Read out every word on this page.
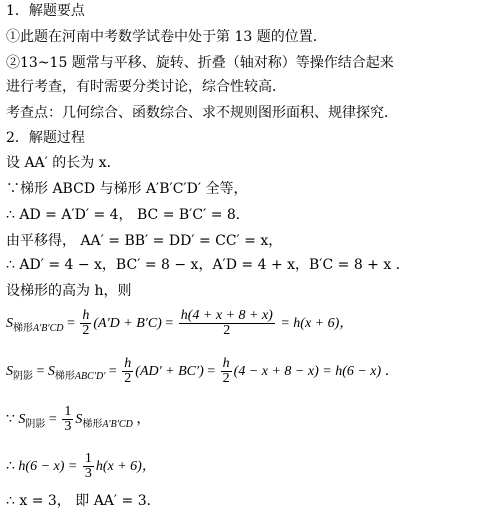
1．解题要点
①此题在河南中考数学试卷中处于第 13 题的位置．
②13~15 题常与平移、旋转、折叠（轴对称）等操作结合起来
进行考查，有时需要分类讨论，综合性较高．
考查点：几何综合、函数综合、求不规则图形面积、规律探究．
2．解题过程
设 AA′ 的长为 x．
∵梯形 ABCD 与梯形 A′B′C′D′ 全等，
∴ AD = A′D′ = 4， BC = B′C′ = 8．
由平移得， AA′ = BB′ = DD′ = CC′ = x，
∴ AD′ = 4 − x，BC′ = 8 − x，A′D = 4 + x，B′C = 8 + x ．
设梯形的高为 h，则
$S_{梯形A'B'CD} = \frac{h}{2} (A'D + B'C) = \frac{h(4 + x + 8 + x)}{2} = h(x + 6)$，
$S_{阴影} = S_{梯形ABC'D'} = \frac{h}{2} (AD' + BC') = \frac{h}{2} (4 - x + 8 - x) = h(6 - x)$ ．
∵ $S_{阴影} = \frac{1}{3} S_{梯形A'B'CD}$ ，
∴ $h(6 - x) = \frac{1}{3} h(x + 6)$，
∴ x = 3， 即 AA′ = 3．
